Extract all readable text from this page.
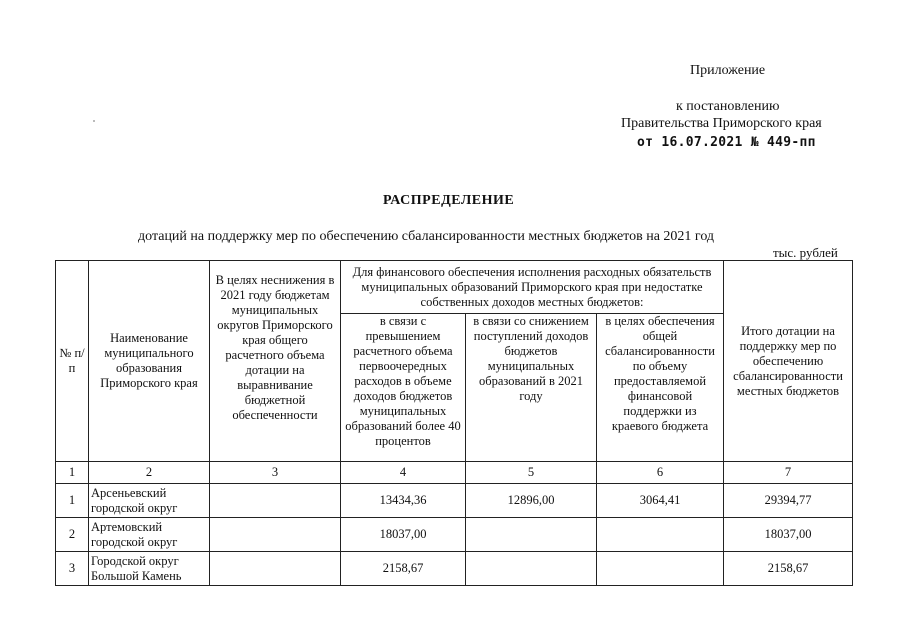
Приложение
к постановлению
Правительства Приморского края
от 16.07.2021 № 449-пп
РАСПРЕДЕЛЕНИЕ
дотаций на поддержку мер по обеспечению сбалансированности местных бюджетов на 2021 год
тыс. рублей
№ п/п	Наименование муниципального образования Приморского края	В целях неснижения в 2021 году бюджетам муниципальных округов Приморского края общего расчетного объема дотации на выравнивание бюджетной обеспеченности	Для финансового обеспечения исполнения расходных обязательств муниципальных образований Приморского края при недостатке собственных доходов местных бюджетов:			Итого дотации на поддержку мер по обеспечению сбалансированности местных бюджетов
			в связи с превышением расчетного объема первоочередных расходов в объеме доходов бюджетов муниципальных образований более 40 процентов	в связи со снижением поступлений доходов бюджетов муниципальных образований в 2021 году	в целях обеспечения общей сбалансированности по объему предоставляемой финансовой поддержки из краевого бюджета	
1	2	3	4	5	6	7
1	Арсеньевский городской округ		13434,36	12896,00	3064,41	29394,77
2	Артемовский городской округ		18037,00			18037,00
3	Городской округ Большой Камень		2158,67			2158,67
